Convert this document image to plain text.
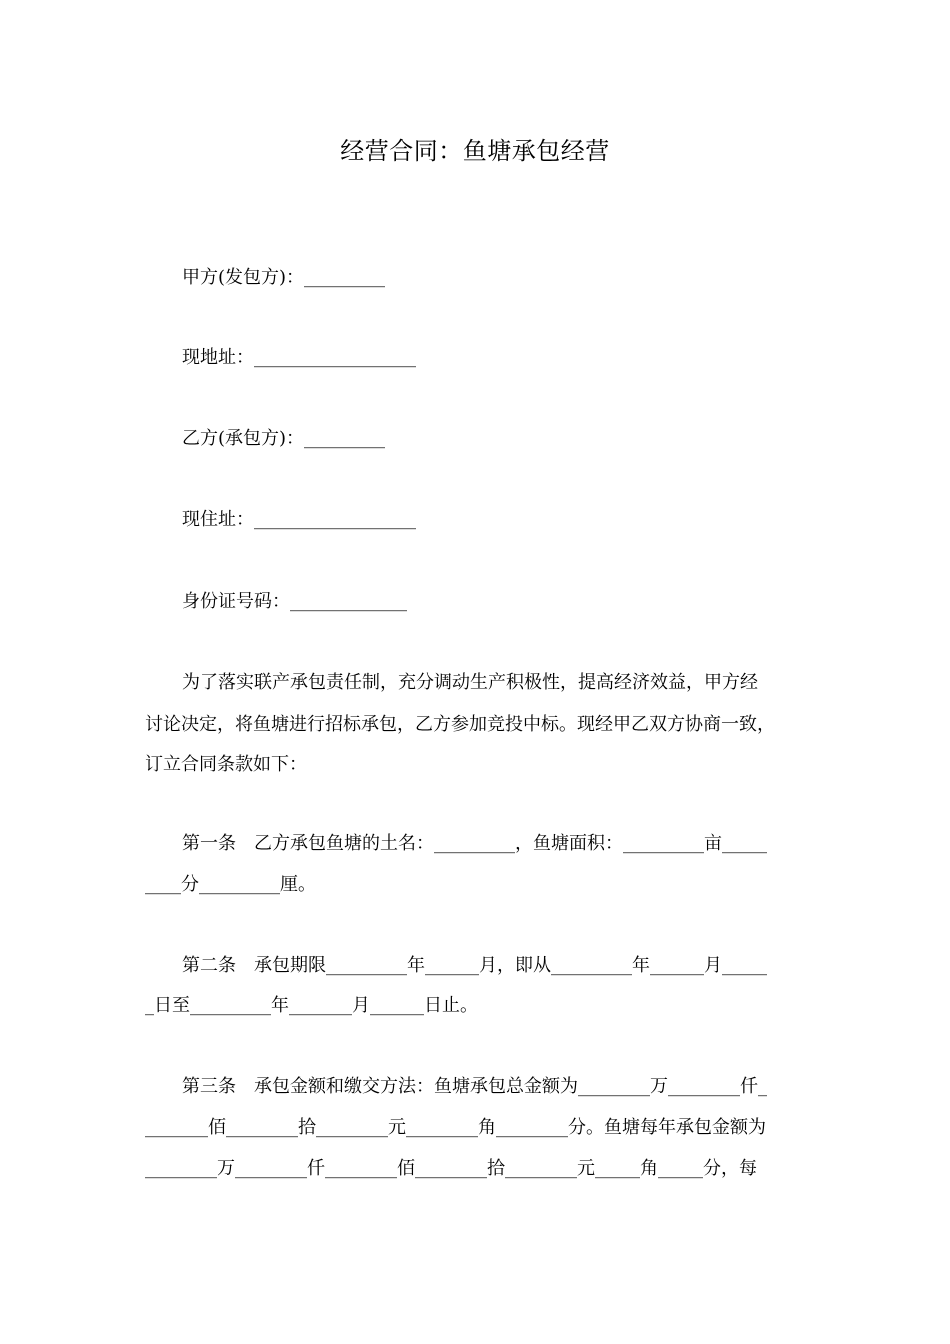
经营合同：鱼塘承包经营
甲方(发包方)：_________
现地址：__________________
乙方(承包方)：_________
现住址：__________________
身份证号码：_____________
为了落实联产承包责任制，充分调动生产积极性，提高经济效益，甲方经
讨论决定，将鱼塘进行招标承包，乙方参加竞投中标。现经甲乙双方协商一致，
订立合同条款如下：
第一条　乙方承包鱼塘的土名：_________，鱼塘面积：_________亩_____
____分_________厘。
第二条　承包期限_________年______月，即从_________年______月_____
_日至_________年_______月______日止。
第三条　承包金额和缴交方法：鱼塘承包总金额为________万________仟_
_______佰________拾________元________角________分。鱼塘每年承包金额为
________万________仟________佰________拾________元_____角_____分，每
